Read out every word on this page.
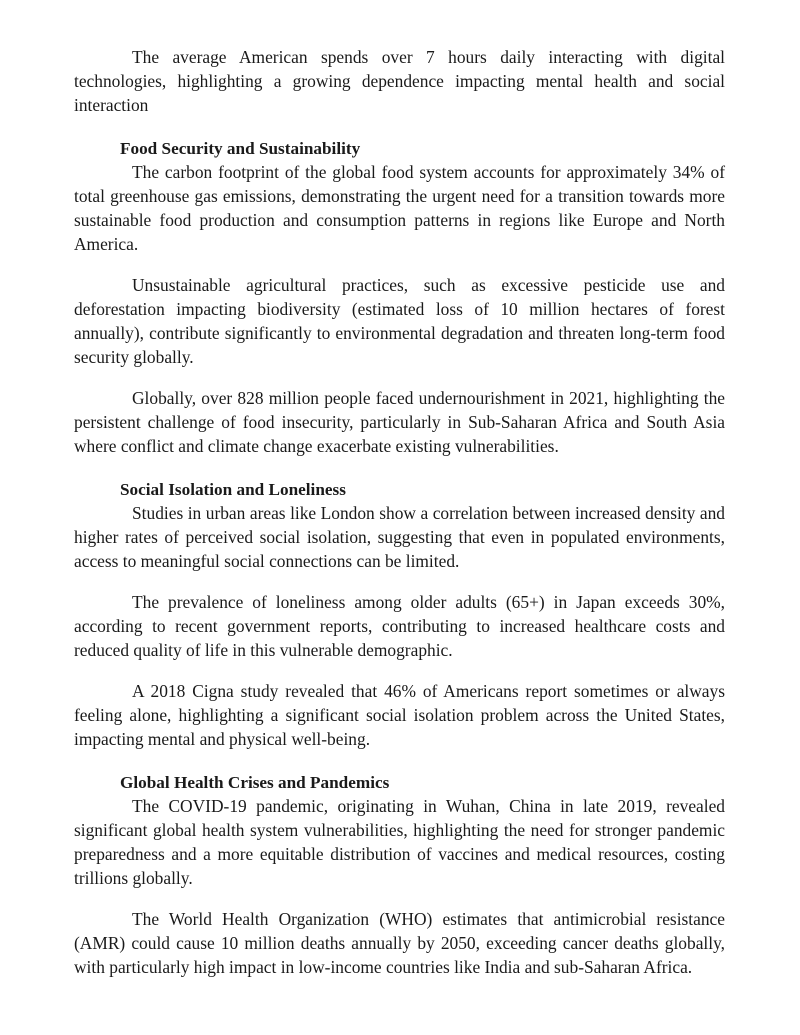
The average American spends over 7 hours daily interacting with digital technologies, highlighting a growing dependence impacting mental health and social interaction

Food Security and Sustainability

The carbon footprint of the global food system accounts for approximately 34% of total greenhouse gas emissions, demonstrating the urgent need for a transition towards more sustainable food production and consumption patterns in regions like Europe and North America.

Unsustainable agricultural practices, such as excessive pesticide use and deforestation impacting biodiversity (estimated loss of 10 million hectares of forest annually), contribute significantly to environmental degradation and threaten long-term food security globally.

Globally, over 828 million people faced undernourishment in 2021, highlighting the persistent challenge of food insecurity, particularly in Sub-Saharan Africa and South Asia where conflict and climate change exacerbate existing vulnerabilities.

Social Isolation and Loneliness

Studies in urban areas like London show a correlation between increased density and higher rates of perceived social isolation, suggesting that even in populated environments, access to meaningful social connections can be limited.

The prevalence of loneliness among older adults (65+) in Japan exceeds 30%, according to recent government reports, contributing to increased healthcare costs and reduced quality of life in this vulnerable demographic.

A 2018 Cigna study revealed that 46% of Americans report sometimes or always feeling alone, highlighting a significant social isolation problem across the United States, impacting mental and physical well-being.

Global Health Crises and Pandemics

The COVID-19 pandemic, originating in Wuhan, China in late 2019, revealed significant global health system vulnerabilities, highlighting the need for stronger pandemic preparedness and a more equitable distribution of vaccines and medical resources, costing trillions globally.

The World Health Organization (WHO) estimates that antimicrobial resistance (AMR) could cause 10 million deaths annually by 2050, exceeding cancer deaths globally, with particularly high impact in low-income countries like India and sub-Saharan Africa.
